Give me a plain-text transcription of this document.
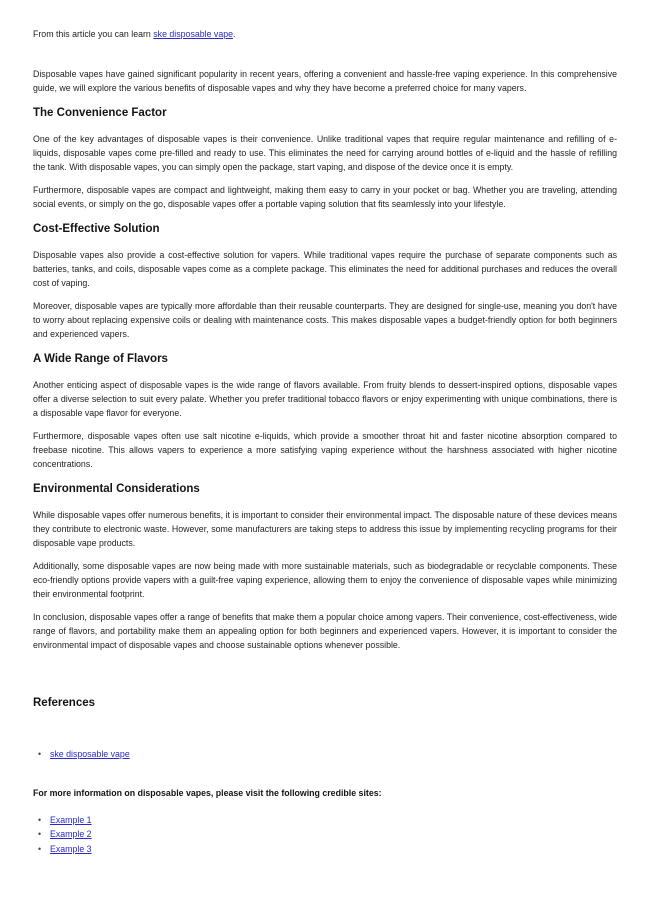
From this article you can learn ske disposable vape.

Disposable vapes have gained significant popularity in recent years, offering a convenient and hassle-free vaping experience. In this comprehensive guide, we will explore the various benefits of disposable vapes and why they have become a preferred choice for many vapers.

The Convenience Factor

One of the key advantages of disposable vapes is their convenience. Unlike traditional vapes that require regular maintenance and refilling of e-liquids, disposable vapes come pre-filled and ready to use. This eliminates the need for carrying around bottles of e-liquid and the hassle of refilling the tank. With disposable vapes, you can simply open the package, start vaping, and dispose of the device once it is empty.

Furthermore, disposable vapes are compact and lightweight, making them easy to carry in your pocket or bag. Whether you are traveling, attending social events, or simply on the go, disposable vapes offer a portable vaping solution that fits seamlessly into your lifestyle.

Cost-Effective Solution

Disposable vapes also provide a cost-effective solution for vapers. While traditional vapes require the purchase of separate components such as batteries, tanks, and coils, disposable vapes come as a complete package. This eliminates the need for additional purchases and reduces the overall cost of vaping.

Moreover, disposable vapes are typically more affordable than their reusable counterparts. They are designed for single-use, meaning you don't have to worry about replacing expensive coils or dealing with maintenance costs. This makes disposable vapes a budget-friendly option for both beginners and experienced vapers.

A Wide Range of Flavors

Another enticing aspect of disposable vapes is the wide range of flavors available. From fruity blends to dessert-inspired options, disposable vapes offer a diverse selection to suit every palate. Whether you prefer traditional tobacco flavors or enjoy experimenting with unique combinations, there is a disposable vape flavor for everyone.

Furthermore, disposable vapes often use salt nicotine e-liquids, which provide a smoother throat hit and faster nicotine absorption compared to freebase nicotine. This allows vapers to experience a more satisfying vaping experience without the harshness associated with higher nicotine concentrations.

Environmental Considerations

While disposable vapes offer numerous benefits, it is important to consider their environmental impact. The disposable nature of these devices means they contribute to electronic waste. However, some manufacturers are taking steps to address this issue by implementing recycling programs for their disposable vape products.

Additionally, some disposable vapes are now being made with more sustainable materials, such as biodegradable or recyclable components. These eco-friendly options provide vapers with a guilt-free vaping experience, allowing them to enjoy the convenience of disposable vapes while minimizing their environmental footprint.

In conclusion, disposable vapes offer a range of benefits that make them a popular choice among vapers. Their convenience, cost-effectiveness, wide range of flavors, and portability make them an appealing option for both beginners and experienced vapers. However, it is important to consider the environmental impact of disposable vapes and choose sustainable options whenever possible.

References
• ske disposable vape

For more information on disposable vapes, please visit the following credible sites:

• Example 1
• Example 2
• Example 3
